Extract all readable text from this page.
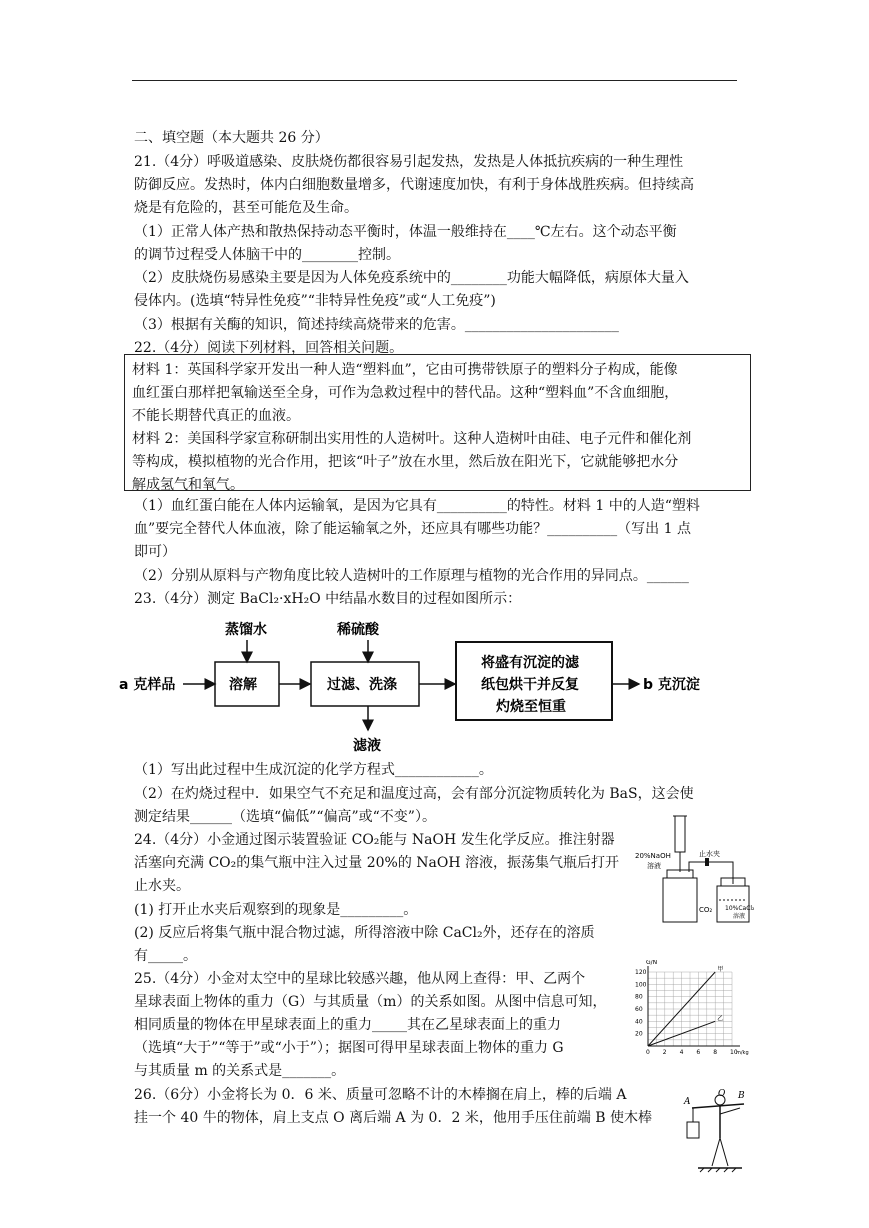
二、填空题（本大题共 26 分）
21.（4分）呼吸道感染、皮肤烧伤都很容易引起发热，发热是人体抵抗疾病的一种生理性
防御反应。发热时，体内白细胞数量增多，代谢速度加快，有利于身体战胜疾病。但持续高
烧是有危险的，甚至可能危及生命。
（1）正常人体产热和散热保持动态平衡时，体温一般维持在____℃左右。这个动态平衡
的调节过程受人体脑干中的________控制。
（2）皮肤烧伤易感染主要是因为人体免疫系统中的________功能大幅降低，病原体大量入
侵体内。(选填“特异性免疫”“非特异性免疫”或“人工免疫”)
（3）根据有关酶的知识，简述持续高烧带来的危害。______________________
22.（4分）阅读下列材料，回答相关问题。
材料 1：英国科学家开发出一种人造“塑料血”，它由可携带铁原子的塑料分子构成，能像
血红蛋白那样把氧输送至全身，可作为急救过程中的替代品。这种“塑料血”不含血细胞，
不能长期替代真正的血液。
材料 2：美国科学家宣称研制出实用性的人造树叶。这种人造树叶由硅、电子元件和催化剂
等构成，模拟植物的光合作用，把该“叶子”放在水里，然后放在阳光下，它就能够把水分
解成氢气和氧气。
（1）血红蛋白能在人体内运输氧，是因为它具有__________的特性。材料 1 中的人造“塑料
血”要完全替代人体血液，除了能运输氧之外，还应具有哪些功能？__________（写出 1 点
即可）
（2）分别从原料与产物角度比较人造树叶的工作原理与植物的光合作用的异同点。______
23.（4分）测定 BaCl₂·xH₂O 中结晶水数目的过程如图所示：
a 克样品
蒸馏水
溶解
稀硫酸
过滤、洗涤
滤液
将盛有沉淀的滤
纸包烘干并反复
灼烧至恒重
b 克沉淀
（1）写出此过程中生成沉淀的化学方程式____________。
（2）在灼烧过程中．如果空气不充足和温度过高，会有部分沉淀物质转化为 BaS，这会使
测定结果______（选填“偏低”“偏高”或“不变”）。
24.（4分）小金通过图示装置验证 CO₂能与 NaOH 发生化学反应。推注射器
活塞向充满 CO₂的集气瓶中注入过量 20%的 NaOH 溶液，振荡集气瓶后打开
止水夹。
(1) 打开止水夹后观察到的现象是_________。
(2) 反应后将集气瓶中混合物过滤，所得溶液中除 CaCl₂外，还存在的溶质
有_____。
20%NaOH
溶液
止水夹
CO₂ 10%CaCl₂
溶液
25.（4分）小金对太空中的星球比较感兴趣，他从网上查得：甲、乙两个
星球表面上物体的重力（G）与其质量（m）的关系如图。从图中信息可知，
相同质量的物体在甲星球表面上的重力_____其在乙星球表面上的重力
（选填“大于”“等于”或“小于”）；据图可得甲星球表面上物体的重力 G
与其质量 m 的关系式是_______。
0 2 4 6 8 10
20
40
60
80
100
120
G/N
m/kg
甲
乙
26.（6分）小金将长为 0．6 米、质量可忽略不计的木棒搁在肩上，棒的后端 A
挂一个 40 牛的物体，肩上支点 O 离后端 A 为 0．2 米，他用手压住前端 B 使木棒
A
O B
